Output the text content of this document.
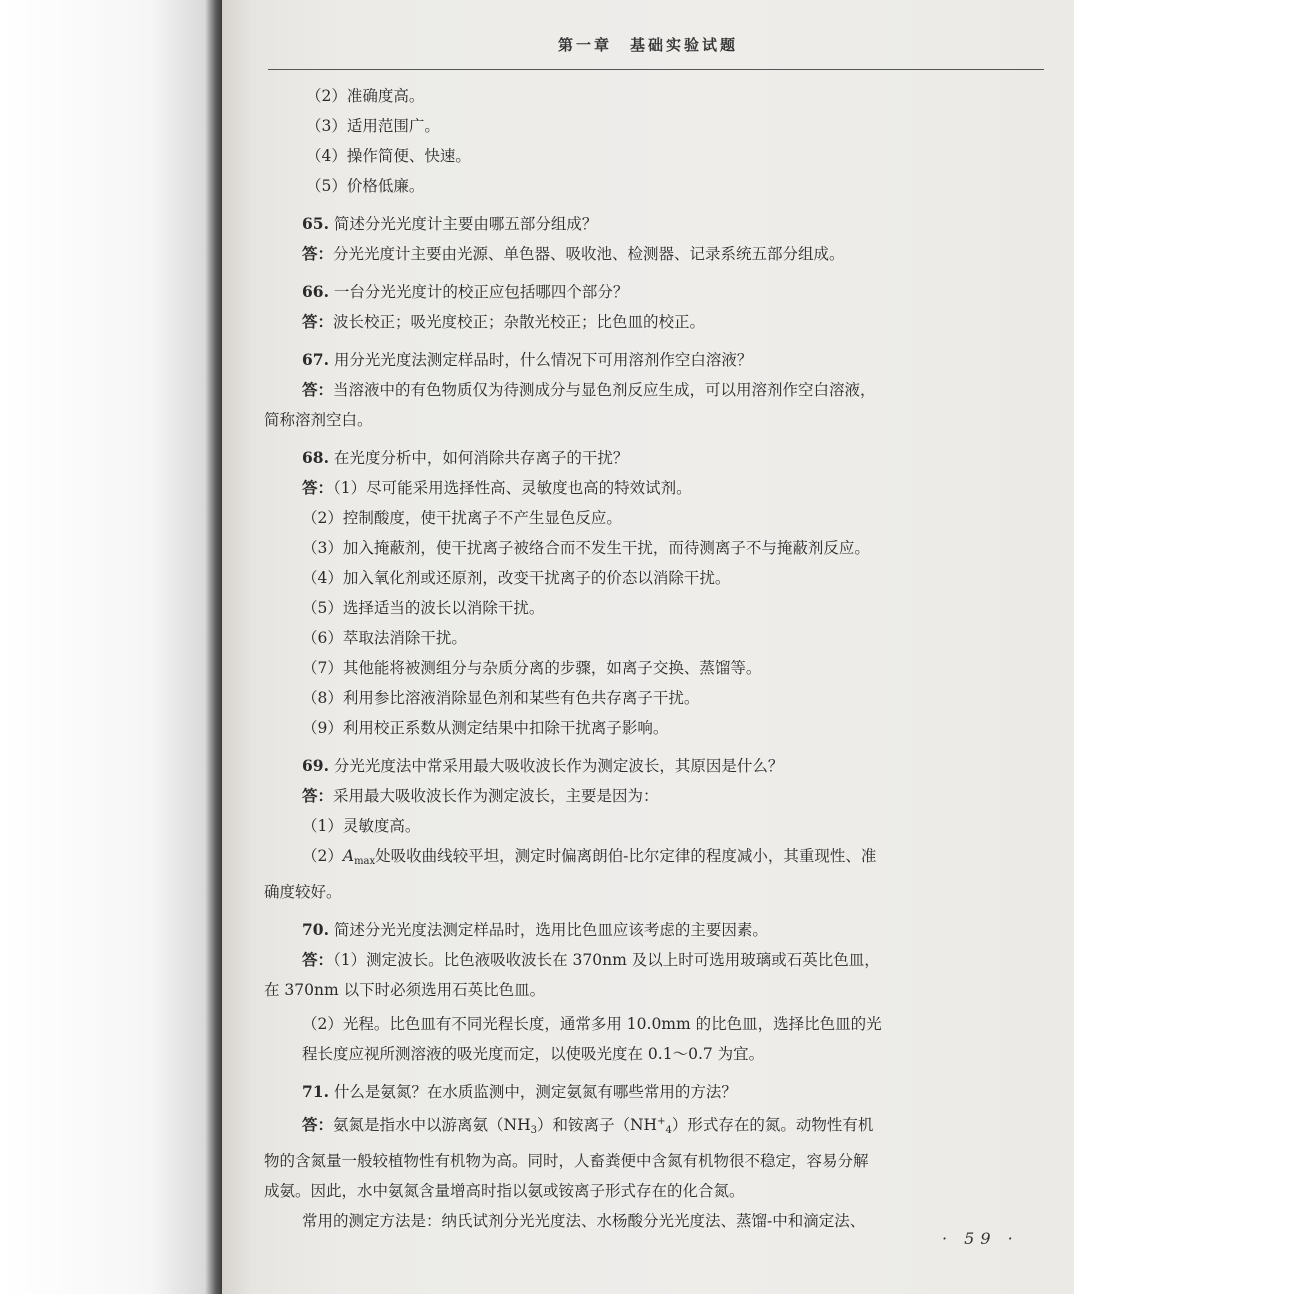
第一章　基础实验试题
（2）准确度高。
（3）适用范围广。
（4）操作简便、快速。
（5）价格低廉。
65. 简述分光光度计主要由哪五部分组成？
答：分光光度计主要由光源、单色器、吸收池、检测器、记录系统五部分组成。
66. 一台分光光度计的校正应包括哪四个部分？
答：波长校正；吸光度校正；杂散光校正；比色皿的校正。
67. 用分光光度法测定样品时，什么情况下可用溶剂作空白溶液？
答：当溶液中的有色物质仅为待测成分与显色剂反应生成，可以用溶剂作空白溶液，
简称溶剂空白。
68. 在光度分析中，如何消除共存离子的干扰？
答：（1）尽可能采用选择性高、灵敏度也高的特效试剂。
（2）控制酸度，使干扰离子不产生显色反应。
（3）加入掩蔽剂，使干扰离子被络合而不发生干扰，而待测离子不与掩蔽剂反应。
（4）加入氧化剂或还原剂，改变干扰离子的价态以消除干扰。
（5）选择适当的波长以消除干扰。
（6）萃取法消除干扰。
（7）其他能将被测组分与杂质分离的步骤，如离子交换、蒸馏等。
（8）利用参比溶液消除显色剂和某些有色共存离子干扰。
（9）利用校正系数从测定结果中扣除干扰离子影响。
69. 分光光度法中常采用最大吸收波长作为测定波长，其原因是什么？
答：采用最大吸收波长作为测定波长，主要是因为：
（1）灵敏度高。
$(2)A_{max}$处吸收曲线较平坦，测定时偏离朗伯-比尔定律的程度减小，其重现性、准
确度较好。
70. 简述分光光度法测定样品时，选用比色皿应该考虑的主要因素。
答：（1）测定波长。比色液吸收波长在 370nm 及以上时可选用玻璃或石英比色皿，
在 370nm 以下时必须选用石英比色皿。
（2）光程。比色皿有不同光程长度，通常多用 10.0mm 的比色皿，选择比色皿的光
程长度应视所测溶液的吸光度而定，以使吸光度在 0.1～0.7 为宜。
71. 什么是氨氮？在水质监测中，测定氨氮有哪些常用的方法？
答：氨氮是指水中以游离氨$(NH_3)$和铵离子$(NH^+_4)$形式存在的氮。动物性有机
物的含氮量一般较植物性有机物为高。同时，人畜粪便中含氮有机物很不稳定，容易分解
成氨。因此，水中氨氮含量增高时指以氨或铵离子形式存在的化合氮。
常用的测定方法是：纳氏试剂分光光度法、水杨酸分光光度法、蒸馏-中和滴定法、
· 59 ·
